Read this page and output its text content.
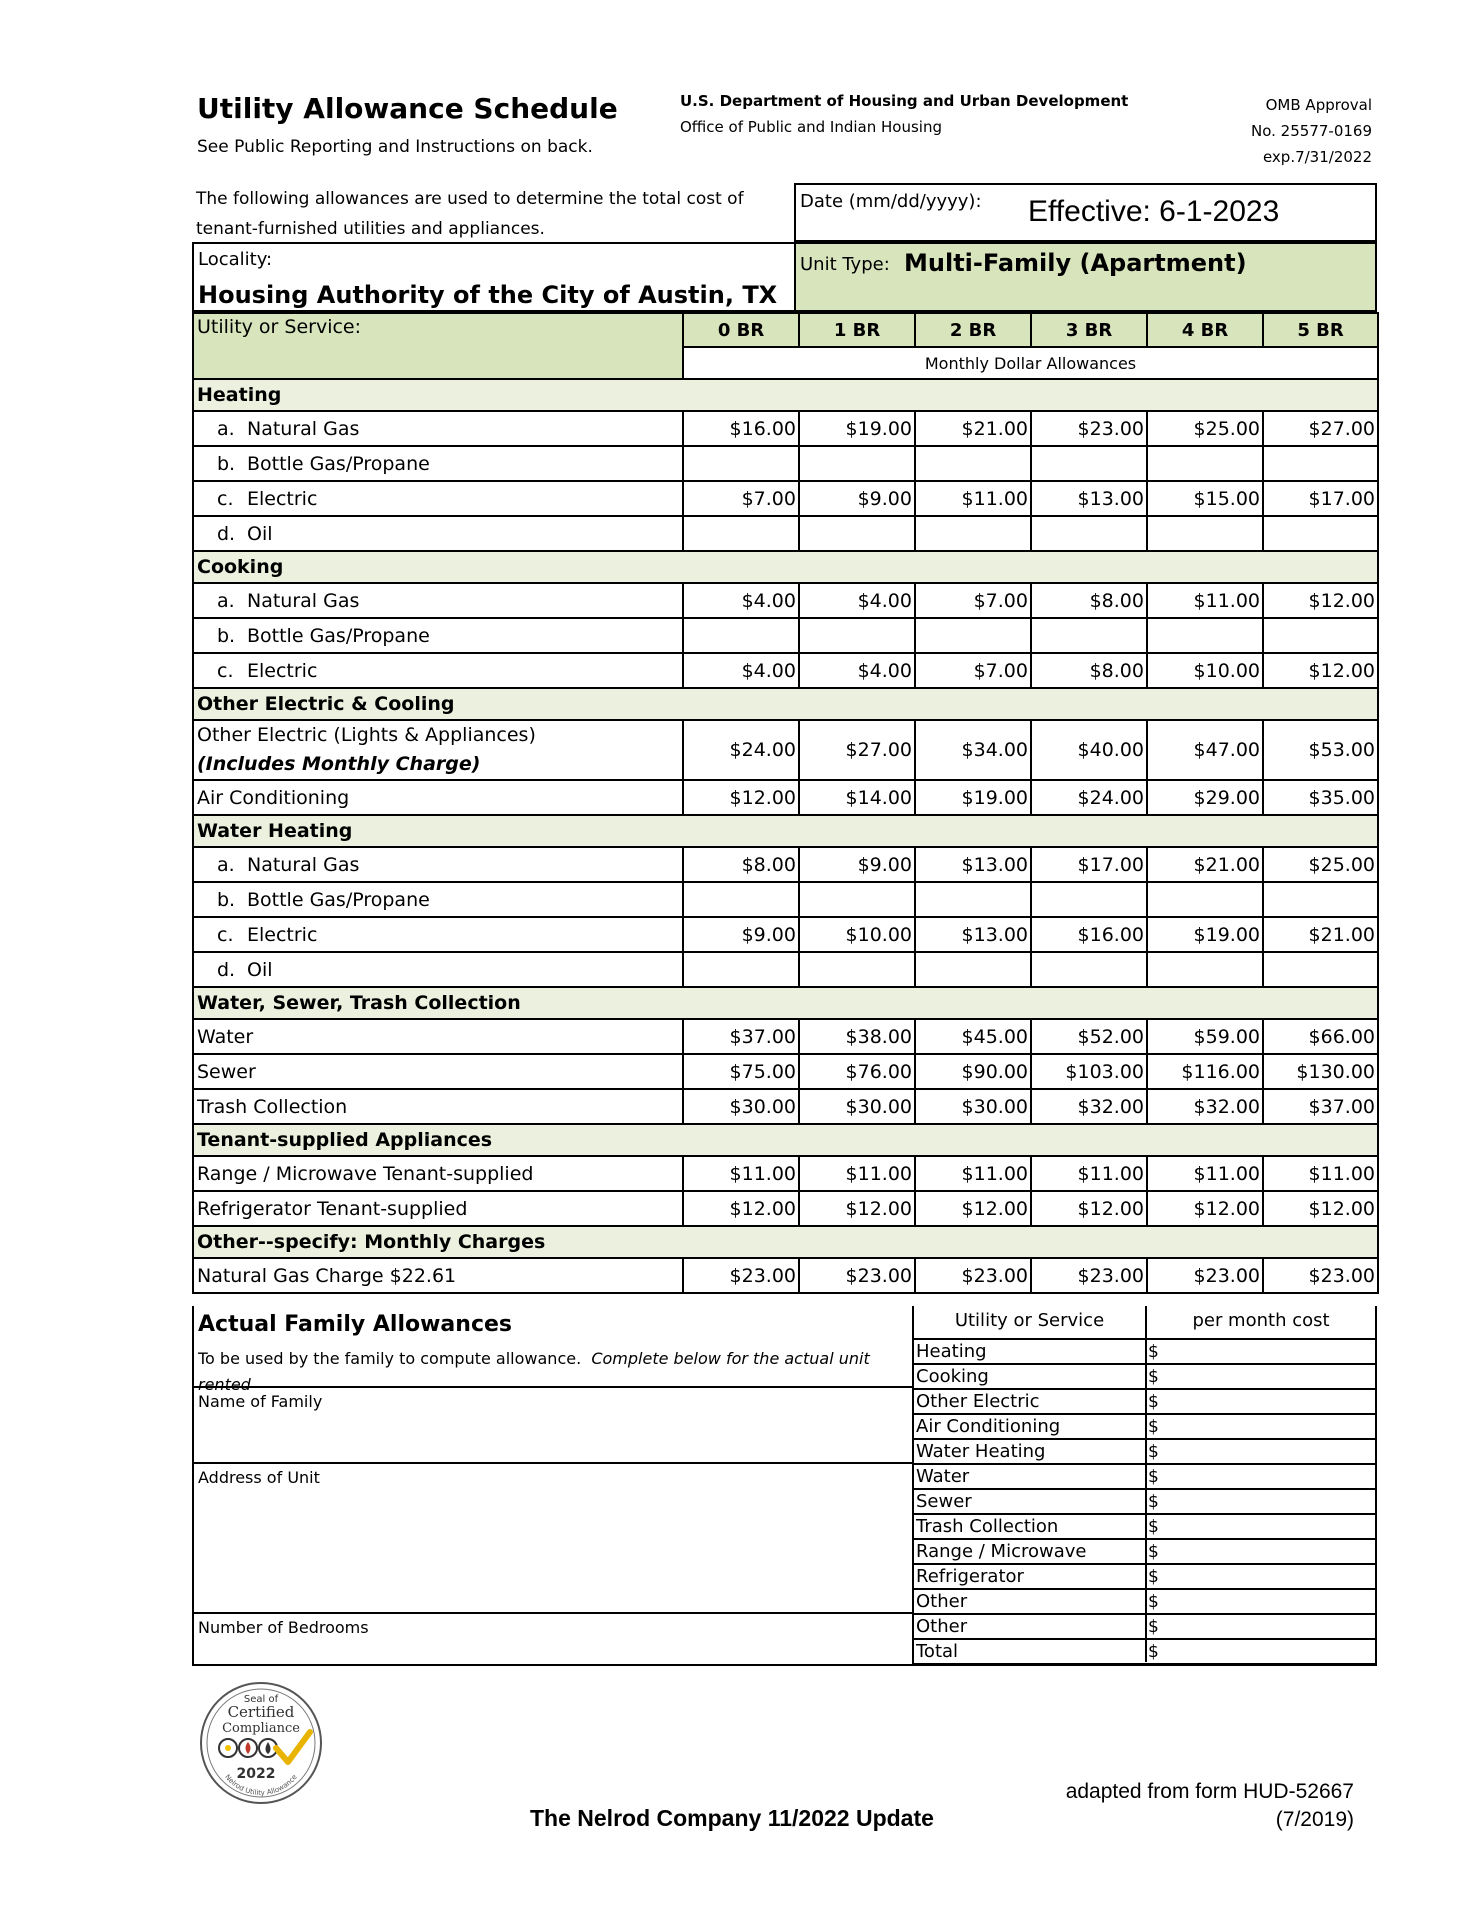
Utility Allowance Schedule
See Public Reporting and Instructions on back.
U.S. Department of Housing and Urban Development
Office of Public and Indian Housing
OMB Approval
No. 25577-0169
exp.7/31/2022
The following allowances are used to determine the total cost of tenant-furnished utilities and appliances.
Date (mm/dd/yyyy): Effective: 6-1-2023
Locality:
Housing Authority of the City of Austin, TX
Unit Type: Multi-Family (Apartment)
Utility or Service:	0 BR	1 BR	2 BR	3 BR	4 BR	5 BR
	Monthly Dollar Allowances					
Heating						
a. Natural Gas	$16.00	$19.00	$21.00	$23.00	$25.00	$27.00
b. Bottle Gas/Propane						
c. Electric	$7.00	$9.00	$11.00	$13.00	$15.00	$17.00
d. Oil						
Cooking						
a. Natural Gas	$4.00	$4.00	$7.00	$8.00	$11.00	$12.00
b. Bottle Gas/Propane						
c. Electric	$4.00	$4.00	$7.00	$8.00	$10.00	$12.00
Other Electric & Cooling						

Other Electric (Lights & Appliances)
(Includes Monthly Charge)	$24.00	$27.00	$34.00	$40.00	$47.00	$53.00
Air Conditioning	$12.00	$14.00	$19.00	$24.00	$29.00	$35.00
Water Heating						
a. Natural Gas	$8.00	$9.00	$13.00	$17.00	$21.00	$25.00
b. Bottle Gas/Propane						
c. Electric	$9.00	$10.00	$13.00	$16.00	$19.00	$21.00
d. Oil						
Water, Sewer, Trash Collection						
Water	$37.00	$38.00	$45.00	$52.00	$59.00	$66.00
Sewer	$75.00	$76.00	$90.00	$103.00	$116.00	$130.00
Trash Collection	$30.00	$30.00	$30.00	$32.00	$32.00	$37.00
Tenant-supplied Appliances						
Range / Microwave Tenant-supplied	$11.00	$11.00	$11.00	$11.00	$11.00	$11.00
Refrigerator Tenant-supplied	$12.00	$12.00	$12.00	$12.00	$12.00	$12.00
Other--specify: Monthly Charges						
Natural Gas Charge $22.61	$23.00	$23.00	$23.00	$23.00	$23.00	$23.00
Actual Family Allowances
To be used by the family to compute allowance. Complete below for the actual unit rented
Name of Family
Address of Unit
Number of Bedrooms
Utility or Service	per month cost
Heating	$
Cooking	$
Other Electric	$
Air Conditioning	$
Water Heating	$
Water	$
Sewer	$
Trash Collection	$
Range / Microwave	$
Refrigerator	$
Other	$
Other	$
Total	$
Seal of
Certified
Compliance
2022
Nelrod Utility Allowance
The Nelrod Company 11/2022 Update
adapted from form HUD-52667
(7/2019)
